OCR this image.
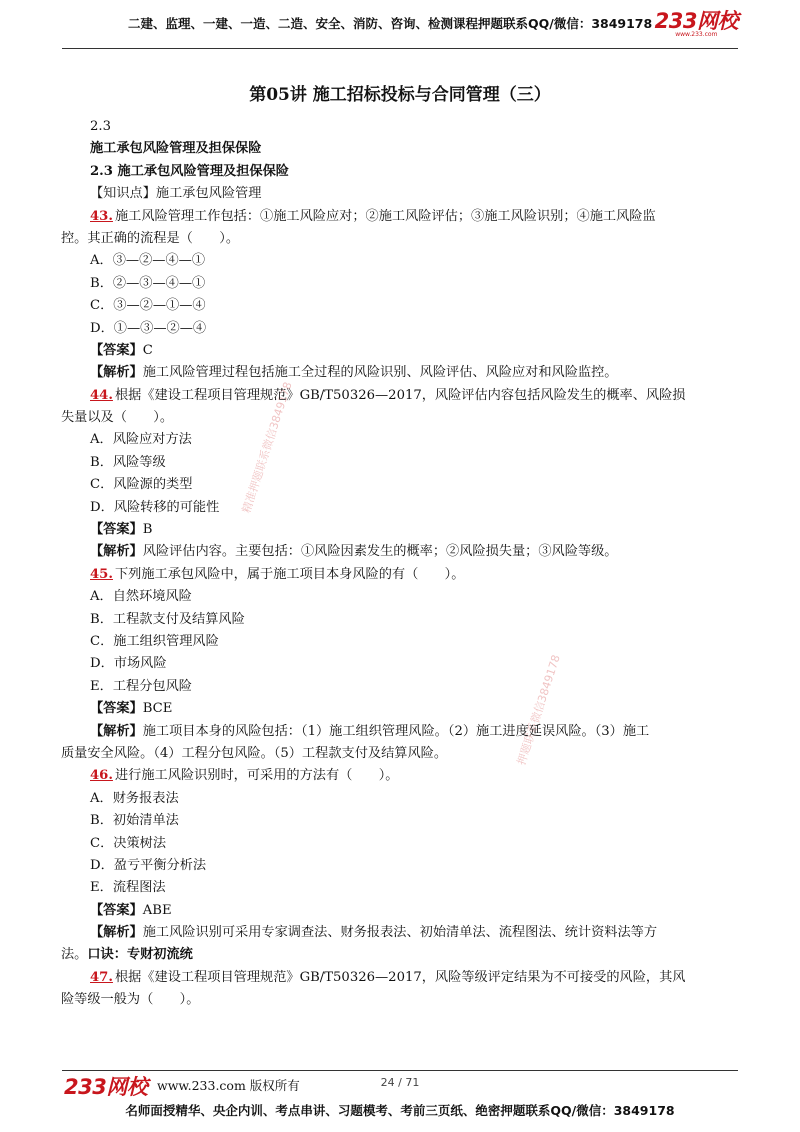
二建、监理、一建、一造、二造、安全、消防、咨询、检测课程押题联系QQ/微信：3849178 233网校
www.233.com
第05讲 施工招标投标与合同管理（三）
精准押题联系微信3849178
押题联系微信3849178
2.3
施工承包风险管理及担保保险
2.3 施工承包风险管理及担保保险
【知识点】施工承包风险管理
43. 施工风险管理工作包括：①施工风险应对；②施工风险评估；③施工风险识别；④施工风险监
控。其正确的流程是（　　）。
A．③—②—④—①
B．②—③—④—①
C．③—②—①—④
D．①—③—②—④
【答案】C
【解析】施工风险管理过程包括施工全过程的风险识别、风险评估、风险应对和风险监控。
44. 根据《建设工程项目管理规范》GB/T50326—2017，风险评估内容包括风险发生的概率、风险损
失量以及（　　）。
A．风险应对方法
B．风险等级
C．风险源的类型
D．风险转移的可能性
【答案】B
【解析】风险评估内容。主要包括：①风险因素发生的概率；②风险损失量；③风险等级。
45. 下列施工承包风险中，属于施工项目本身风险的有（　　）。
A．自然环境风险
B．工程款支付及结算风险
C．施工组织管理风险
D．市场风险
E．工程分包风险
【答案】BCE
【解析】施工项目本身的风险包括：（1）施工组织管理风险。（2）施工进度延误风险。（3）施工
质量安全风险。（4）工程分包风险。（5）工程款支付及结算风险。
46. 进行施工风险识别时，可采用的方法有（　　）。
A．财务报表法
B．初始清单法
C．决策树法
D．盈亏平衡分析法
E．流程图法
【答案】ABE
【解析】施工风险识别可采用专家调查法、财务报表法、初始清单法、流程图法、统计资料法等方
法。口诀：专财初流统
47. 根据《建设工程项目管理规范》GB/T50326—2017，风险等级评定结果为不可接受的风险，其风
险等级一般为（　　）。
233网校 www.233.com 版权所有	24 / 71
名师面授精华、央企内训、考点串讲、习题模考、考前三页纸、绝密押题联系QQ/微信：3849178
